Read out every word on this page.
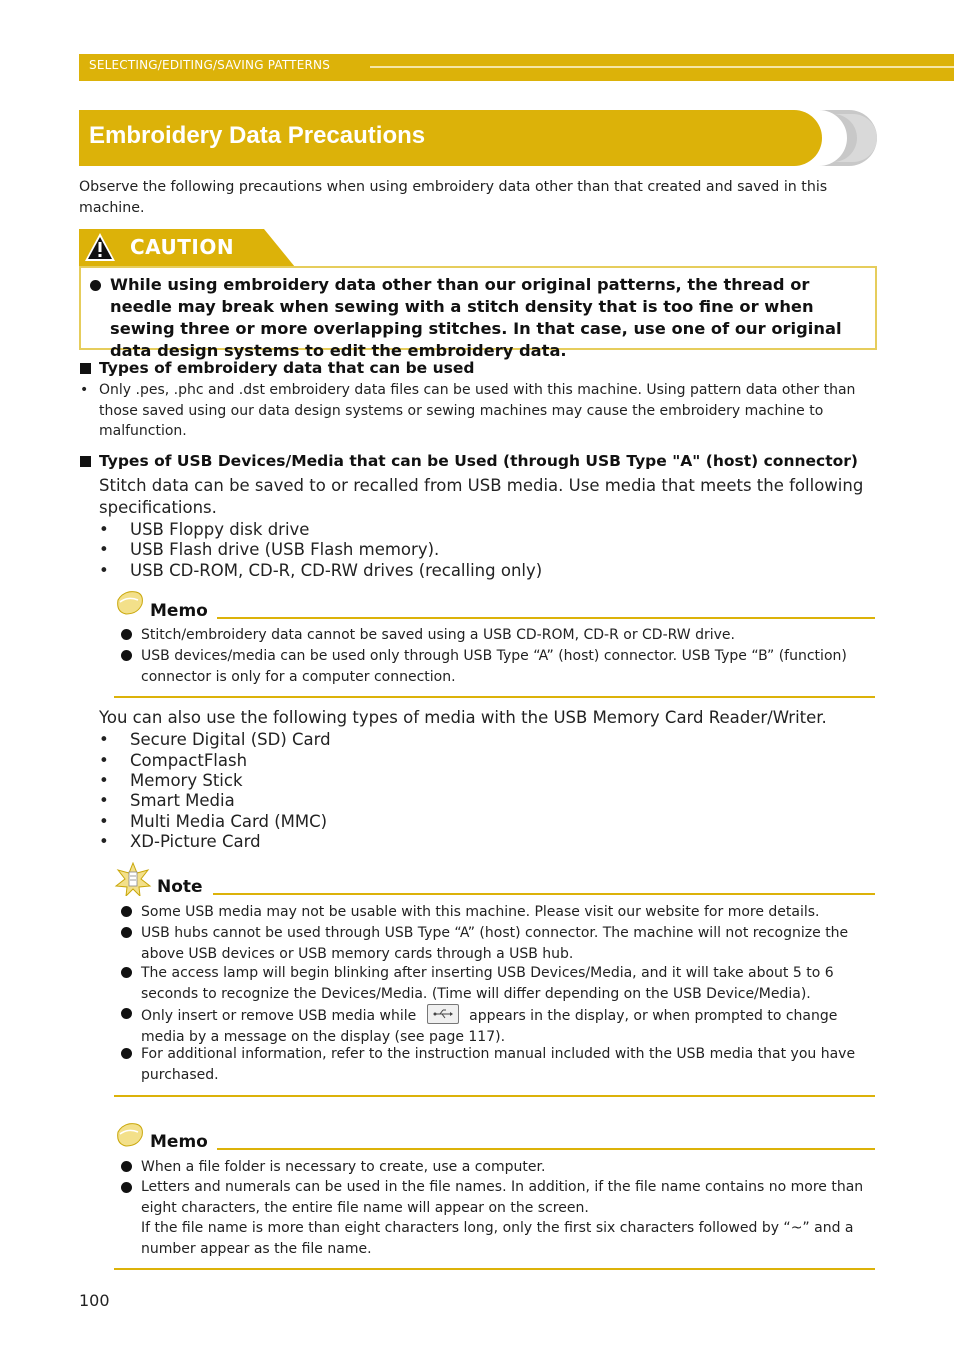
SELECTING/EDITING/SAVING PATTERNS
Embroidery Data Precautions
Observe the following precautions when using embroidery data other than that created and saved in this machine.
CAUTION
While using embroidery data other than our original patterns, the thread or needle may break when sewing with a stitch density that is too fine or when sewing three or more overlapping stitches. In that case, use one of our original data design systems to edit the embroidery data.
Types of embroidery data that can be used
• Only .pes, .phc and .dst embroidery data files can be used with this machine. Using pattern data other than those saved using our data design systems or sewing machines may cause the embroidery machine to malfunction.
Types of USB Devices/Media that can be Used (through USB Type "A" (host) connector)
Stitch data can be saved to or recalled from USB media. Use media that meets the following specifications.
• USB Floppy disk drive
• USB Flash drive (USB Flash memory).
• USB CD-ROM, CD-R, CD-RW drives (recalling only)
Memo
Stitch/embroidery data cannot be saved using a USB CD-ROM, CD-R or CD-RW drive.
USB devices/media can be used only through USB Type “A” (host) connector. USB Type “B” (function) connector is only for a computer connection.
You can also use the following types of media with the USB Memory Card Reader/Writer.
• Secure Digital (SD) Card
• CompactFlash
• Memory Stick
• Smart Media
• Multi Media Card (MMC)
• XD-Picture Card
Note
Some USB media may not be usable with this machine. Please visit our website for more details.
USB hubs cannot be used through USB Type “A” (host) connector. The machine will not recognize the above USB devices or USB memory cards through a USB hub.
The access lamp will begin blinking after inserting USB Devices/Media, and it will take about 5 to 6 seconds to recognize the Devices/Media. (Time will differ depending on the USB Device/Media).
Only insert or remove USB media while	appears in the display, or when prompted to change media by a message on the display (see page 117).
For additional information, refer to the instruction manual included with the USB media that you have purchased.
Memo
When a file folder is necessary to create, use a computer.
Letters and numerals can be used in the file names. In addition, if the file name contains no more than eight characters, the entire file name will appear on the screen.
If the file name is more than eight characters long, only the first six characters followed by “~” and a number appear as the file name.
100
